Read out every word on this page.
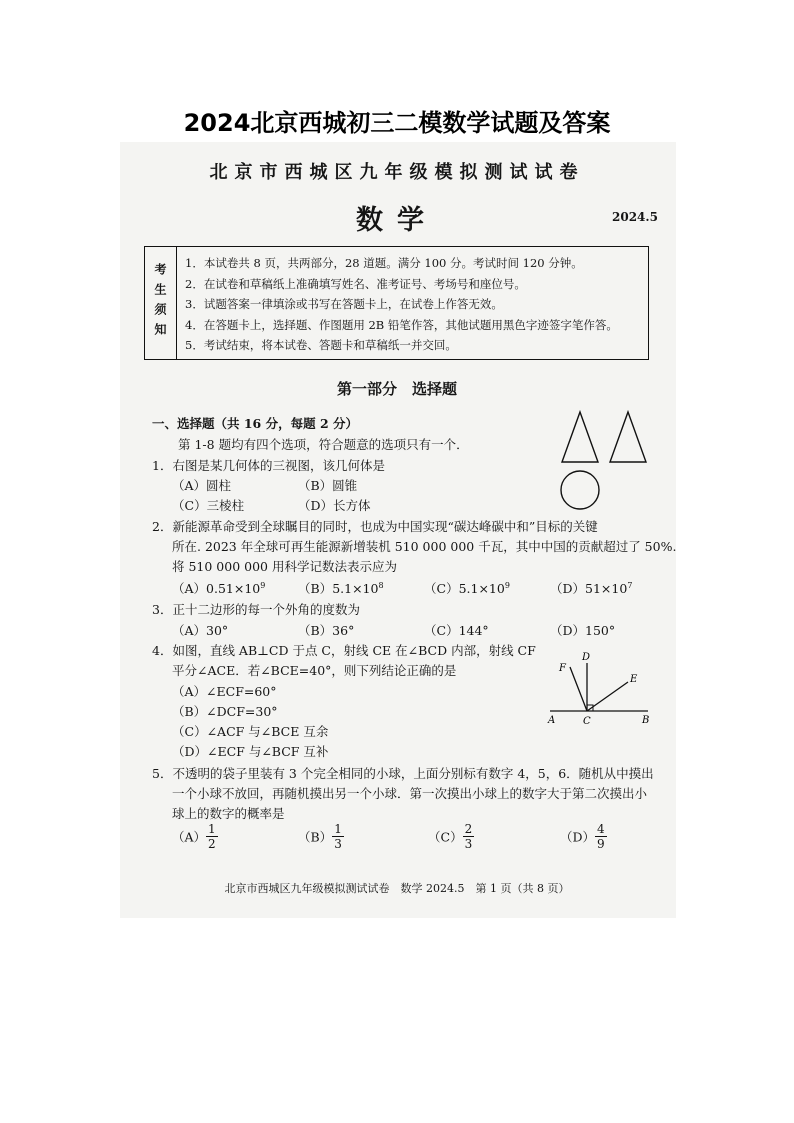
2024北京西城初三二模数学试题及答案
北京市西城区九年级模拟测试试卷
数学	2024.5
考生须知	1．本试卷共 8 页，共两部分，28 道题。满分 100 分。考试时间 120 分钟。
2．在试卷和草稿纸上准确填写姓名、准考证号、考场号和座位号。
3．试题答案一律填涂或书写在答题卡上，在试卷上作答无效。
4．在答题卡上，选择题、作图题用 2B 铅笔作答，其他试题用黑色字迹签字笔作答。
5．考试结束，将本试卷、答题卡和草稿纸一并交回。
第一部分　选择题
一、选择题（共 16 分，每题 2 分）
第 1-8 题均有四个选项，符合题意的选项只有一个．
1．右图是某几何体的三视图，该几何体是
（A）圆柱	（B）圆锥
（C）三棱柱	（D）长方体
2．新能源革命受到全球瞩目的同时，也成为中国实现“碳达峰碳中和”目标的关键
所在. 2023 年全球可再生能源新增装机 510 000 000 千瓦，其中中国的贡献超过了 50%.
将 510 000 000 用科学记数法表示应为
$(A)0.51\times 10^9$	$(B)5.1\times 10^8$	$(C)5.1\times 10^9$	$(D)51\times 10^7$
3．正十二边形的每一个外角的度数为
（A）30°	（B）36°	（C）144°	（D）150°
4．如图，直线 AB⊥CD 于点 C，射线 CE 在∠BCD 内部，射线 CF
平分∠ACE．若∠BCE=40°，则下列结论正确的是
（A）∠ECF=60°
（B）∠DCF=30°
（C）∠ACF 与∠BCE 互余
（D）∠ECF 与∠BCF 互补
A	C	B
D
E
F
5．不透明的袋子里装有 3 个完全相同的小球，上面分别标有数字 4，5，6．随机从中摸出
一个小球不放回，再随机摸出另一个小球．第一次摸出小球上的数字大于第二次摸出小
球上的数字的概率是
$(A) \frac{1}{2}$	$(B) \frac{1}{3}$	$(C) \frac{2}{3}$	$(D) \frac{4}{9}$
北京市西城区九年级模拟测试试卷　数学 2024.5　第 1 页（共 8 页）
